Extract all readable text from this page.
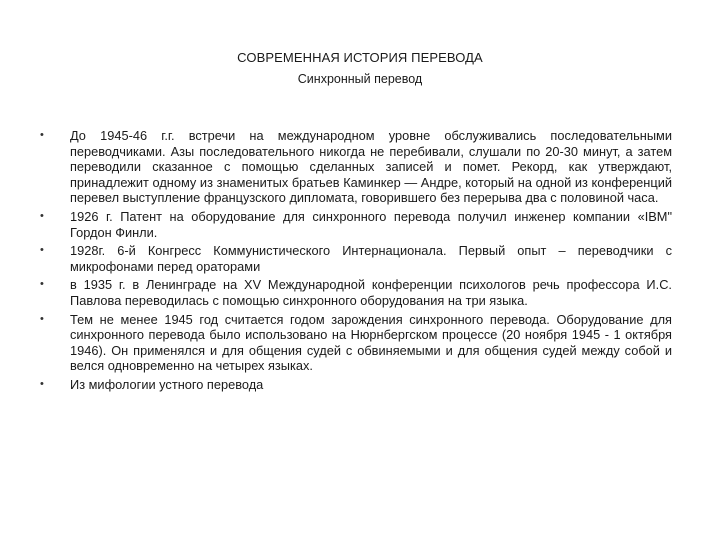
СОВРЕМЕННАЯ ИСТОРИЯ ПЕРЕВОДА
Синхронный перевод
•	До 1945-46 г.г. встречи на международном уровне обслуживались последовательными переводчиками. Азы последовательного никогда не перебивали, слушали по 20-30 минут, а затем переводили сказанное с помощью сделанных записей и помет. Рекорд, как утверждают, принадлежит одному из знаменитых братьев Каминкер — Андре, который на одной из конференций перевел выступление французского дипломата, говорившего без перерыва два с половиной часа.
•	1926 г. Патент на оборудование для синхронного перевода получил инженер компании «IBM" Гордон Финли.
•	1928г. 6-й Конгресс Коммунистического Интернационала. Первый опыт – переводчики с микрофонами перед ораторами
•	в 1935 г. в Ленинграде на XV Международной конференции психологов речь профессора И.С. Павлова переводилась с помощью синхронного оборудования на три языка.
•	Тем не менее 1945 год считается годом зарождения синхронного перевода. Оборудование для синхронного перевода было использовано на Нюрнбергском процессе (20 ноября 1945 - 1 октября 1946). Он применялся и для общения судей с обвиняемыми и для общения судей между собой и велся одновременно на четырех языках.
•	Из мифологии устного перевода
